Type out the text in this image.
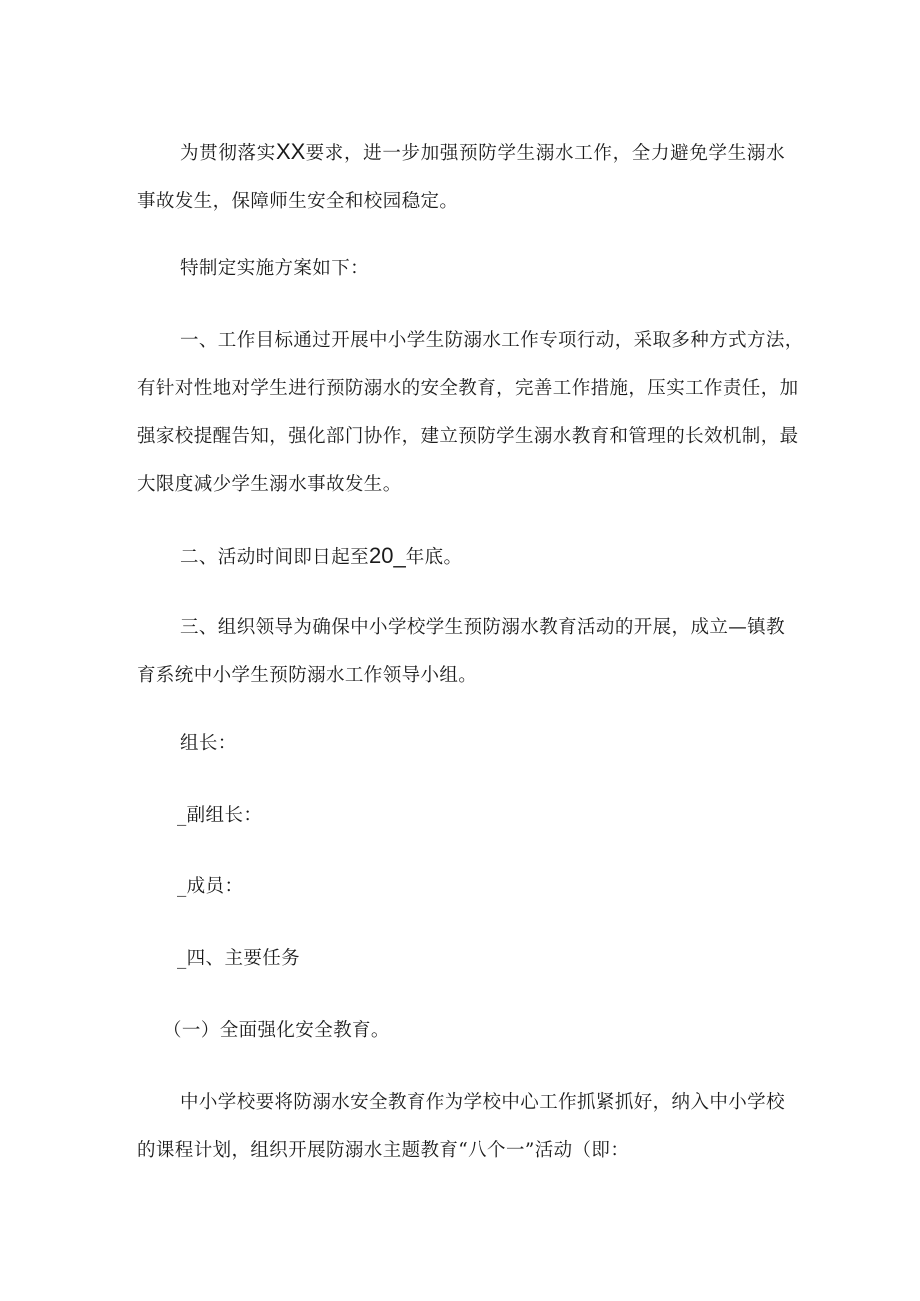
为贯彻落实XX要求，进一步加强预防学生溺水工作，全力避免学生溺水
事故发生，保障师生安全和校园稳定。

特制定实施方案如下：

一、工作目标通过开展中小学生防溺水工作专项行动，采取多种方式方法，
有针对性地对学生进行预防溺水的安全教育，完善工作措施，压实工作责任，加
强家校提醒告知，强化部门协作，建立预防学生溺水教育和管理的长效机制，最
大限度减少学生溺水事故发生。

二、活动时间即日起至20_年底。

三、组织领导为确保中小学校学生预防溺水教育活动的开展，成立—镇教
育系统中小学生预防溺水工作领导小组。

组长：

_副组长：

_成员：

_四、主要任务

（一）全面强化安全教育。

中小学校要将防溺水安全教育作为学校中心工作抓紧抓好，纳入中小学校
的课程计划，组织开展防溺水主题教育“八个一”活动（即：
